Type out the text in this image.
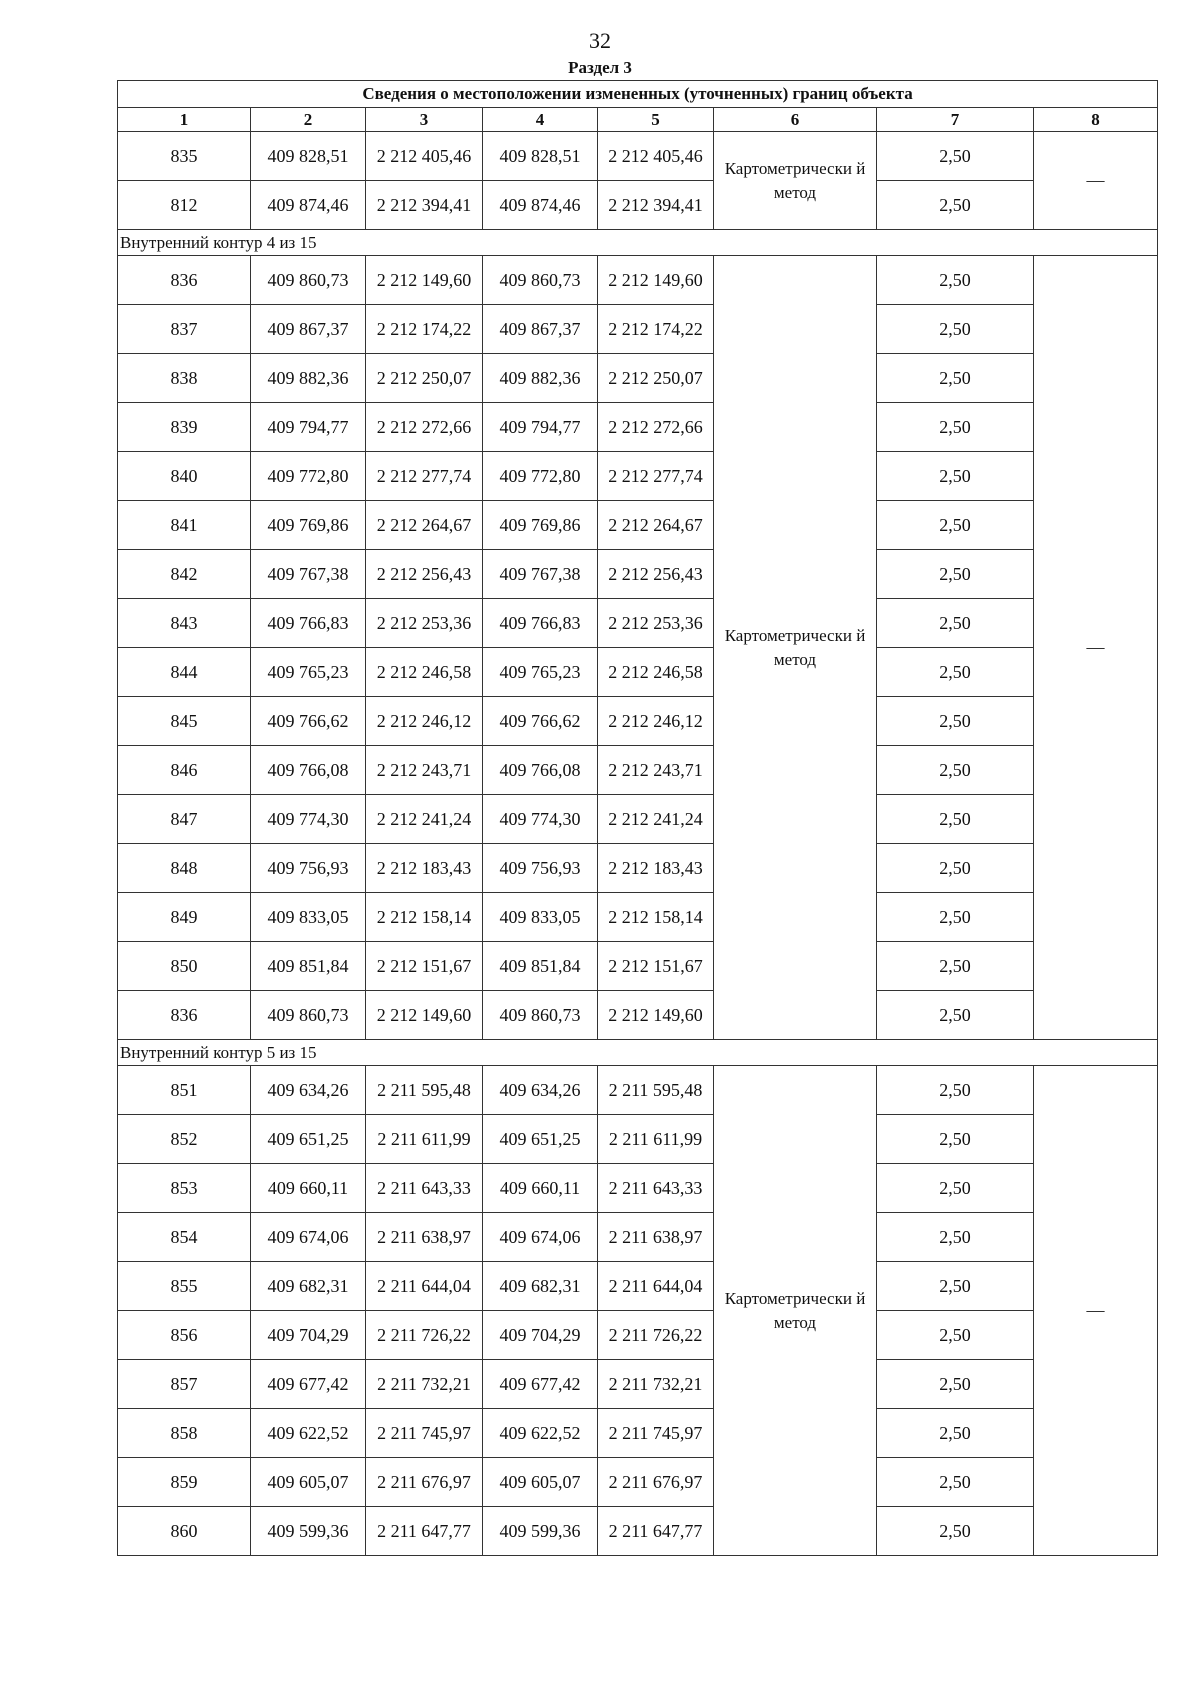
32
Раздел 3
Сведения о местоположении измененных (уточненных) границ объекта							
1	2	3	4	5	6	7	8
835	409 828,51	2 212 405,46	409 828,51	2 212 405,46	Картометрически й метод	2,50	—
812	409 874,46	2 212 394,41	409 874,46	2 212 394,41		2,50	
Внутренний контур 4 из 15							
836	409 860,73	2 212 149,60	409 860,73	2 212 149,60	Картометрически й метод	2,50	—
837	409 867,37	2 212 174,22	409 867,37	2 212 174,22		2,50	
838	409 882,36	2 212 250,07	409 882,36	2 212 250,07		2,50	
839	409 794,77	2 212 272,66	409 794,77	2 212 272,66		2,50	
840	409 772,80	2 212 277,74	409 772,80	2 212 277,74		2,50	
841	409 769,86	2 212 264,67	409 769,86	2 212 264,67		2,50	
842	409 767,38	2 212 256,43	409 767,38	2 212 256,43		2,50	
843	409 766,83	2 212 253,36	409 766,83	2 212 253,36		2,50	
844	409 765,23	2 212 246,58	409 765,23	2 212 246,58		2,50	
845	409 766,62	2 212 246,12	409 766,62	2 212 246,12		2,50	
846	409 766,08	2 212 243,71	409 766,08	2 212 243,71		2,50	
847	409 774,30	2 212 241,24	409 774,30	2 212 241,24		2,50	
848	409 756,93	2 212 183,43	409 756,93	2 212 183,43		2,50	
849	409 833,05	2 212 158,14	409 833,05	2 212 158,14		2,50	
850	409 851,84	2 212 151,67	409 851,84	2 212 151,67		2,50	
836	409 860,73	2 212 149,60	409 860,73	2 212 149,60		2,50	
Внутренний контур 5 из 15							
851	409 634,26	2 211 595,48	409 634,26	2 211 595,48	Картометрически й метод	2,50	—
852	409 651,25	2 211 611,99	409 651,25	2 211 611,99		2,50	
853	409 660,11	2 211 643,33	409 660,11	2 211 643,33		2,50	
854	409 674,06	2 211 638,97	409 674,06	2 211 638,97		2,50	
855	409 682,31	2 211 644,04	409 682,31	2 211 644,04		2,50	
856	409 704,29	2 211 726,22	409 704,29	2 211 726,22		2,50	
857	409 677,42	2 211 732,21	409 677,42	2 211 732,21		2,50	
858	409 622,52	2 211 745,97	409 622,52	2 211 745,97		2,50	
859	409 605,07	2 211 676,97	409 605,07	2 211 676,97		2,50	
860	409 599,36	2 211 647,77	409 599,36	2 211 647,77		2,50	
